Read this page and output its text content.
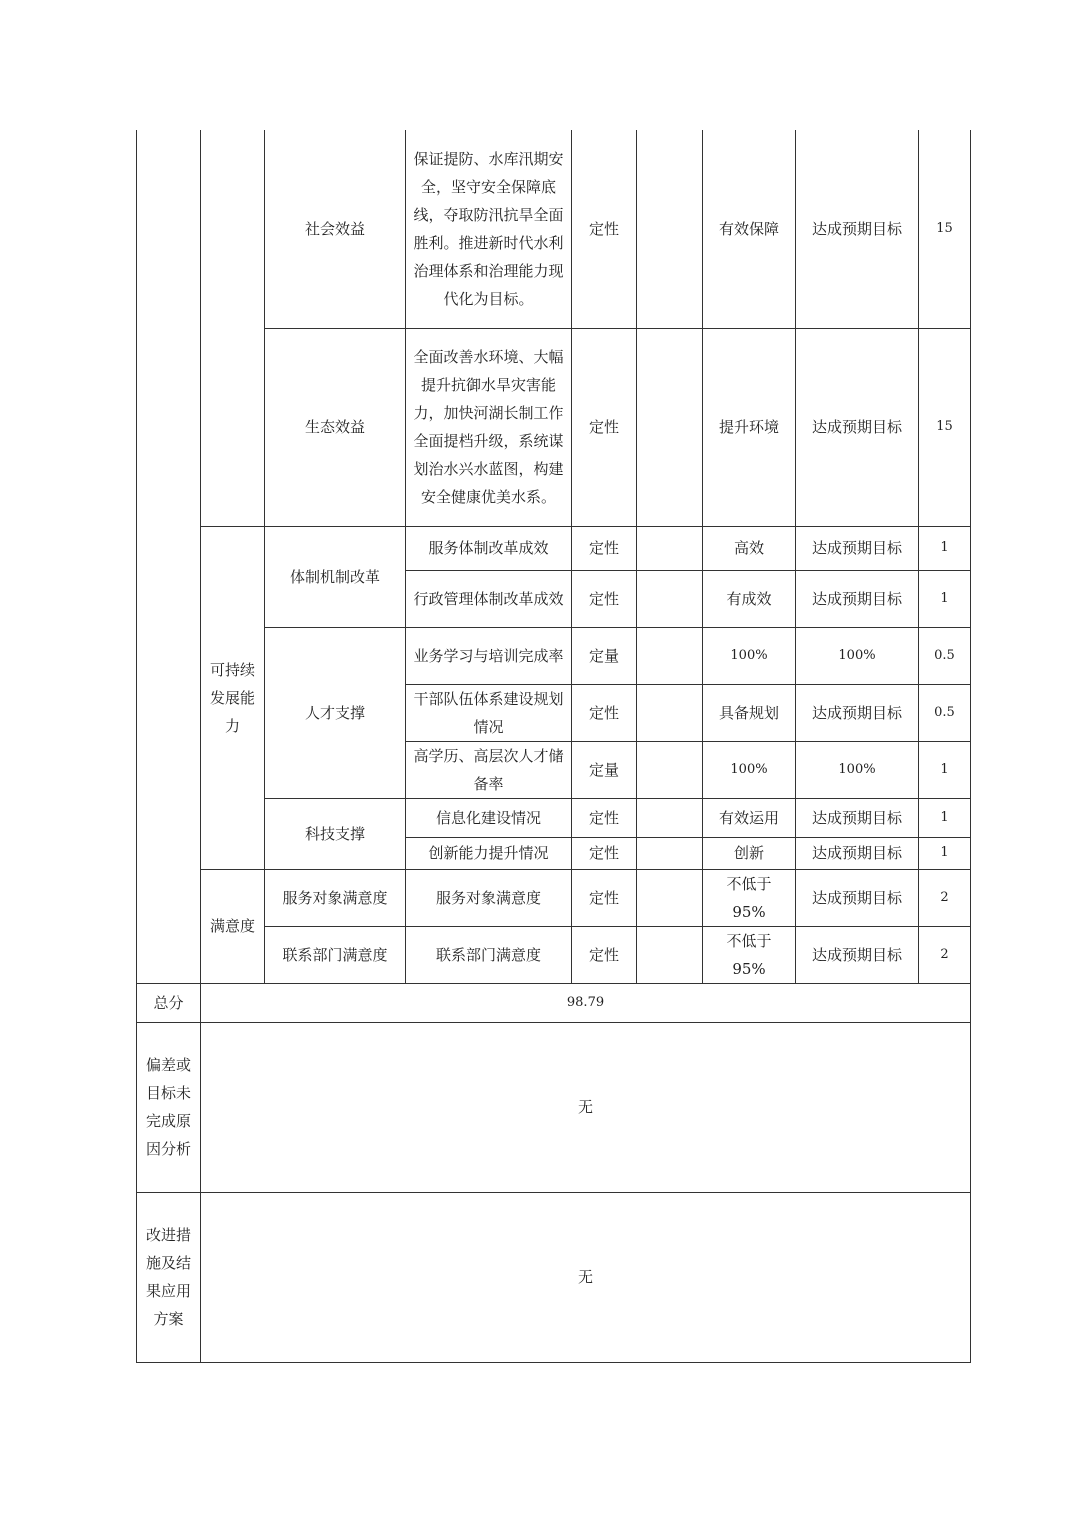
		社会效益	保证提防、水库汛期安全，坚守安全保障底线，夺取防汛抗旱全面胜利。推进新时代水利治理体系和治理能力现代化为目标。	定性		有效保障	达成预期目标	15
		生态效益	全面改善水环境、大幅提升抗御水旱灾害能力，加快河湖长制工作全面提档升级，系统谋划治水兴水蓝图，构建安全健康优美水系。	定性		提升环境	达成预期目标	15
	可持续发展能力	体制机制改革	服务体制改革成效	定性		高效	达成预期目标	1
			行政管理体制改革成效	定性		有成效	达成预期目标	1
		人才支撑	业务学习与培训完成率	定量		100%	100%	0.5
			干部队伍体系建设规划情况	定性		具备规划	达成预期目标	0.5
			高学历、高层次人才储备率	定量		100%	100%	1
		科技支撑	信息化建设情况	定性		有效运用	达成预期目标	1
			创新能力提升情况	定性		创新	达成预期目标	1
	满意度	服务对象满意度	服务对象满意度	定性		不低于95%	达成预期目标	2
		联系部门满意度	联系部门满意度	定性		不低于95%	达成预期目标	2
总分	98.79							
偏差或目标未完成原因分析	无							
改进措施及结果应用方案	无							
